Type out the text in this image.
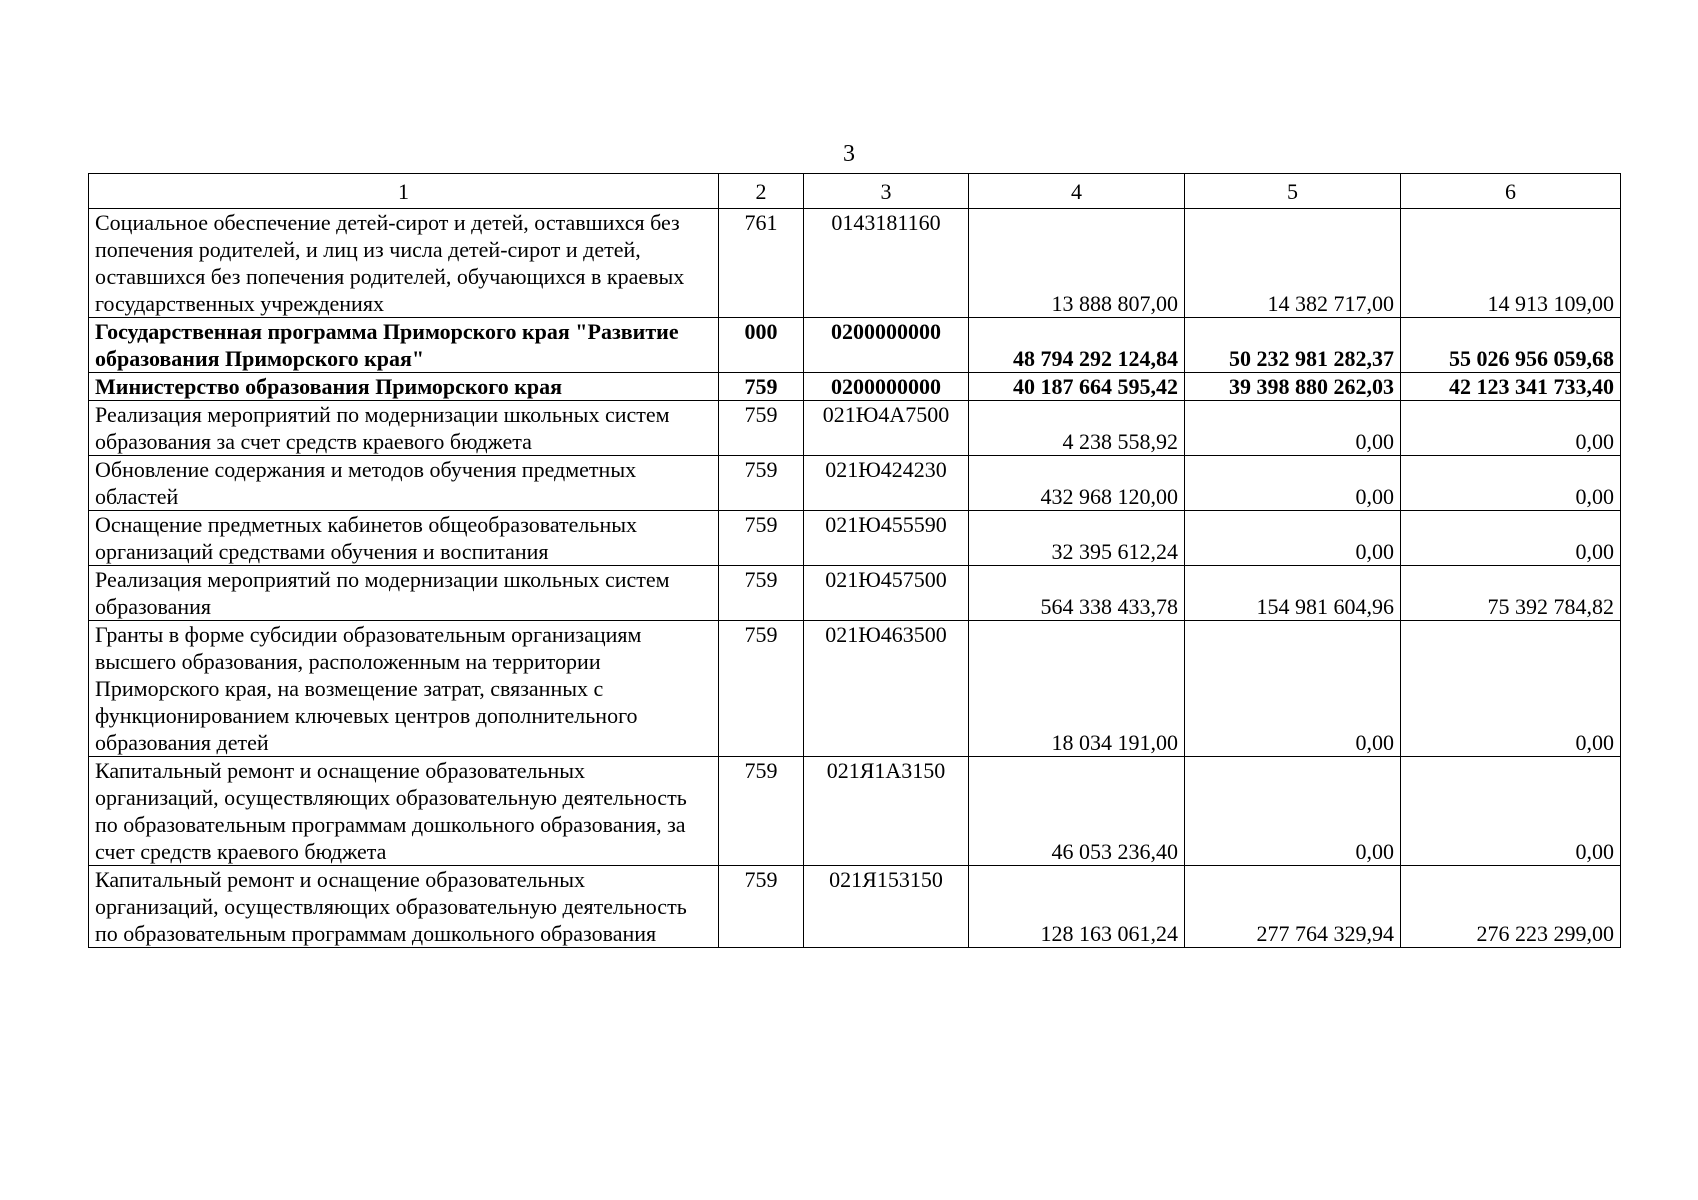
3
1	2	3	4	5	6
Социальное обеспечение детей-сирот и детей, оставшихся без попечения родителей, и лиц из числа детей-сирот и детей, оставшихся без попечения родителей, обучающихся в краевых государственных учреждениях	761	0143181160	13 888 807,00	14 382 717,00	14 913 109,00
Государственная программа Приморского края "Развитие образования Приморского края"	000	0200000000	48 794 292 124,84	50 232 981 282,37	55 026 956 059,68
Министерство образования Приморского края	759	0200000000	40 187 664 595,42	39 398 880 262,03	42 123 341 733,40
Реализация мероприятий по модернизации школьных систем образования за счет средств краевого бюджета	759	021Ю4А7500	4 238 558,92	0,00	0,00
Обновление содержания и методов обучения предметных областей	759	021Ю424230	432 968 120,00	0,00	0,00
Оснащение предметных кабинетов общеобразовательных организаций средствами обучения и воспитания	759	021Ю455590	32 395 612,24	0,00	0,00
Реализация мероприятий по модернизации школьных систем образования	759	021Ю457500	564 338 433,78	154 981 604,96	75 392 784,82
Гранты в форме субсидии образовательным организациям высшего образования, расположенным на территории Приморского края, на возмещение затрат, связанных с функционированием ключевых центров дополнительного образования детей	759	021Ю463500	18 034 191,00	0,00	0,00
Капитальный ремонт и оснащение образовательных организаций, осуществляющих образовательную деятельность по образовательным программам дошкольного образования, за счет средств краевого бюджета	759	021Я1А3150	46 053 236,40	0,00	0,00
Капитальный ремонт и оснащение образовательных организаций, осуществляющих образовательную деятельность по образовательным программам дошкольного образования	759	021Я153150	128 163 061,24	277 764 329,94	276 223 299,00
